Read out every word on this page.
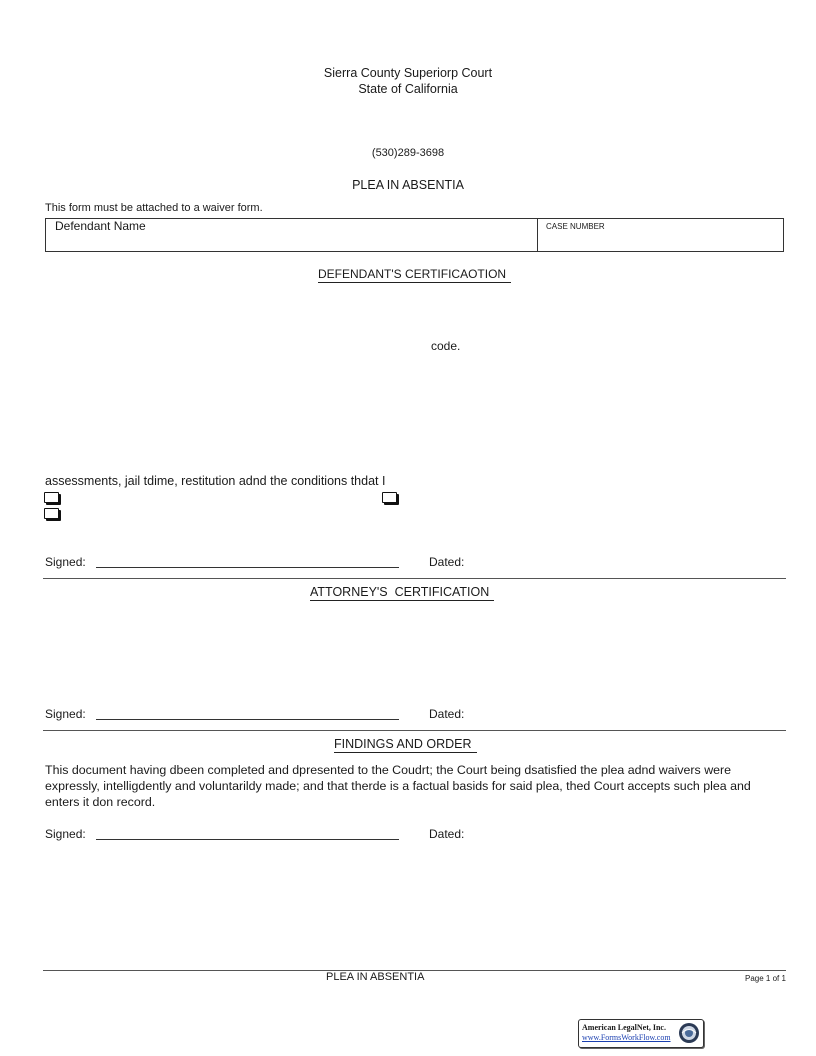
Sierra County Superiorp Court
State of California
(530)289-3698
PLEA IN ABSENTIA
This form must be attached to a waiver form.
Defendant Name	CASE NUMBER
DEFENDANT'S CERTIFICAOTION
code.
assessments, jail tdime, restitution adnd the conditions thdat I
Signed:	Dated:
ATTORNEY'S  CERTIFICATION
Signed:	Dated:
FINDINGS AND ORDER
This document having dbeen completed and dpresented to the Coudrt; the Court being dsatisfied the plea adnd waivers were expressly, intelligdently and voluntarildy made; and that therde is a factual basids for said plea, thed Court accepts such plea and enters it don record.
Signed:	Dated:
PLEA IN ABSENTIA	Page 1 of 1
American LegalNet, Inc.
www.FormsWorkFlow.com
